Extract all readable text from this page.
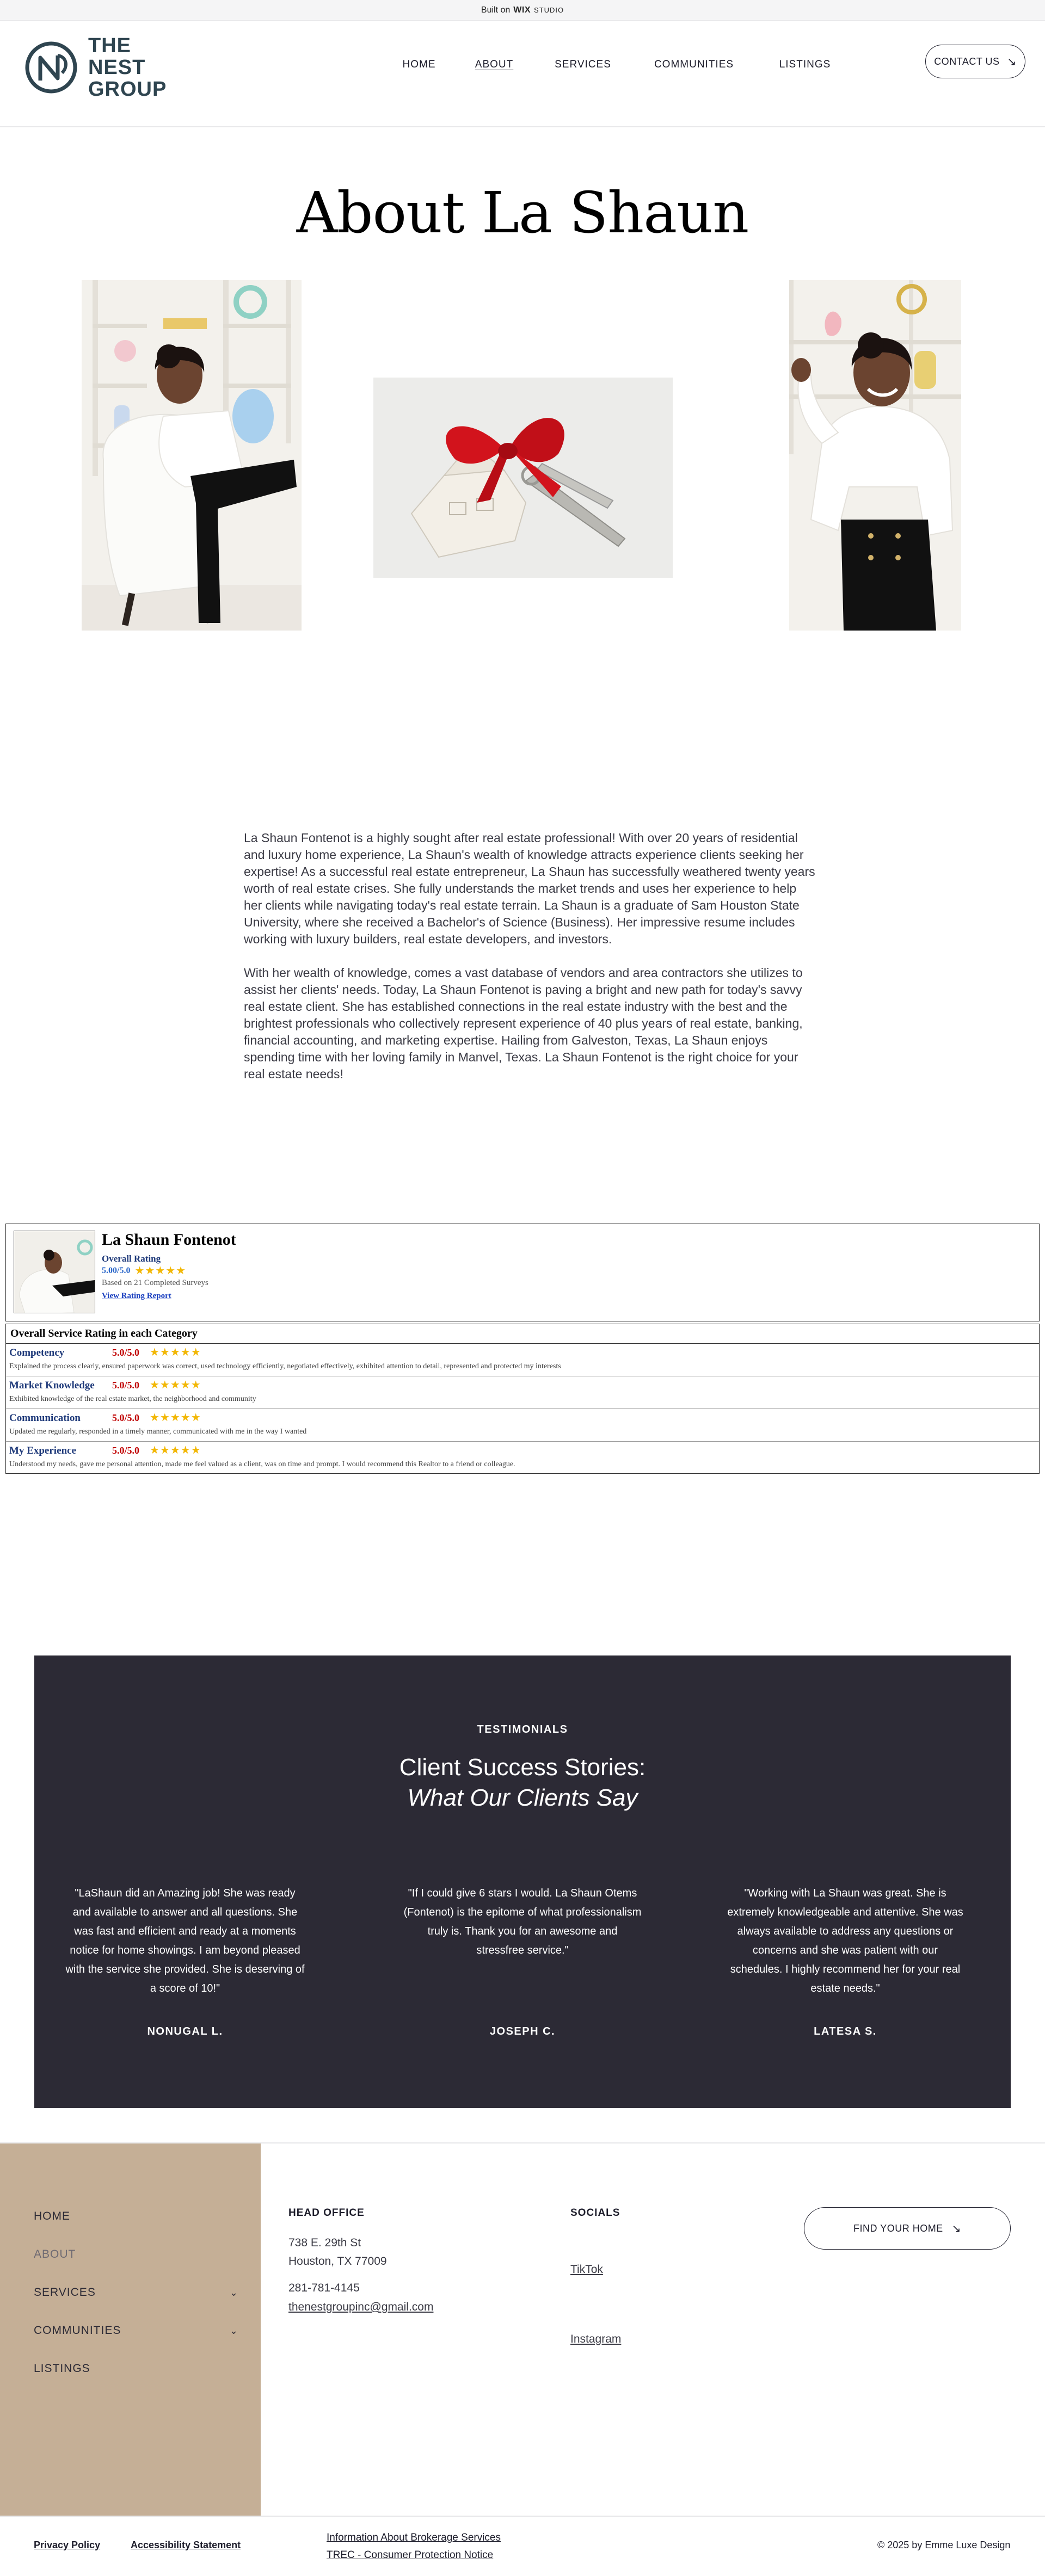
Built on WIX STUDIO
THE
NEST
GROUP
HOME	ABOUT	SERVICES	COMMUNITIES	LISTINGS	CONTACT US ↘
About La Shaun

La Shaun Fontenot is a highly sought after real estate professional! With over 20 years of residential and luxury home experience, La Shaun's wealth of knowledge attracts experience clients seeking her expertise! As a successful real estate entrepreneur, La Shaun has successfully weathered twenty years worth of real estate crises. She fully understands the market trends and uses her experience to help her clients while navigating today's real estate terrain. La Shaun is a graduate of Sam Houston State University, where she received a Bachelor's of Science (Business). Her impressive resume includes working with luxury builders, real estate developers, and investors.

With her wealth of knowledge, comes a vast database of vendors and area contractors she utilizes to assist her clients' needs. Today, La Shaun Fontenot is paving a bright and new path for today's savvy real estate client. She has established connections in the real estate industry with the best and the brightest professionals who collectively represent experience of 40 plus years of real estate, banking, financial accounting, and marketing expertise. Hailing from Galveston, Texas, La Shaun enjoys spending time with her loving family in Manvel, Texas. La Shaun Fontenot is the right choice for your real estate needs!

La Shaun Fontenot
Overall Rating
5.00/5.0 ★★★★★
Based on 21 Completed Surveys
View Rating Report
Overall Service Rating in each Category
Competency	5.0/5.0 ★★★★★
Explained the process clearly, ensured paperwork was correct, used technology efficiently, negotiated effectively, exhibited attention to detail, represented and protected my interests
Market Knowledge 5.0/5.0 ★★★★★
Exhibited knowledge of the real estate market, the neighborhood and community
Communication	5.0/5.0 ★★★★★
Updated me regularly, responded in a timely manner, communicated with me in the way I wanted
My Experience	5.0/5.0 ★★★★★
Understood my needs, gave me personal attention, made me feel valued as a client, was on time and prompt. I would recommend this Realtor to a friend or colleague.
TESTIMONIALS
Client Success Stories:
What Our Clients Say
"LaShaun did an Amazing job! She was ready and available to answer and all questions. She was fast and efficient and ready at a moments notice for home showings. I am beyond pleased with the service she provided. She is deserving of a score of 10!"
NONUGAL L.
"If I could give 6 stars I would. La Shaun Otems (Fontenot) is the epitome of what professionalism truly is. Thank you for an awesome and stressfree service."
JOSEPH C.
"Working with La Shaun was great. She is extremely knowledgeable and attentive. She was always available to address any questions or concerns and she was patient with our schedules. I highly recommend her for your real estate needs."
LATESA S.
HOME
ABOUT
SERVICES	⌄
COMMUNITIES	⌄
LISTINGS
HEAD OFFICE
738 E. 29th St
Houston, TX 77009
281-781-4145
thenestgroupinc@gmail.com
SOCIALS
TikTok
Instagram
FIND YOUR HOME ↘
Privacy Policy	Accessibility Statement
Information About Brokerage Services
TREC - Consumer Protection Notice
© 2025 by Emme Luxe Design
